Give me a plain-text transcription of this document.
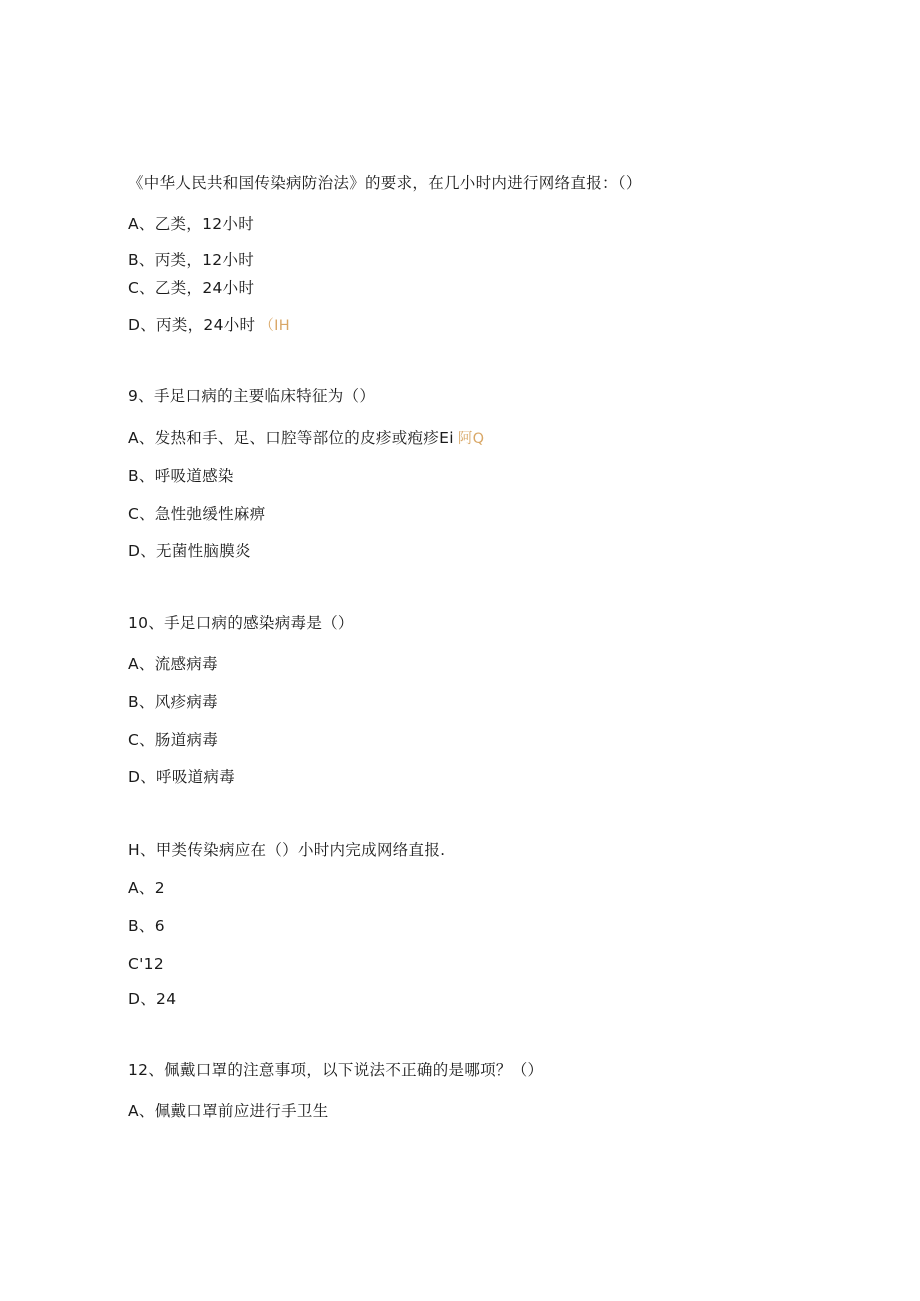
《中华人民共和国传染病防治法》的要求，在几小时内进行网络直报：（）
A、乙类，12小时
B、丙类，12小时
C、乙类，24小时
D、丙类，24小时 （IH
9、手足口病的主要临床特征为（）
A、发热和手、足、口腔等部位的皮疹或疱疹Ei 阿Q
B、呼吸道感染
C、急性弛缓性麻痹
D、无菌性脑膜炎
10、手足口病的感染病毒是（）
A、流感病毒
B、风疹病毒
C、肠道病毒
D、呼吸道病毒
H、甲类传染病应在（）小时内完成网络直报.
A、2
B、6
C'12
D、24
12、佩戴口罩的注意事项，以下说法不正确的是哪项？（）
A、佩戴口罩前应进行手卫生
